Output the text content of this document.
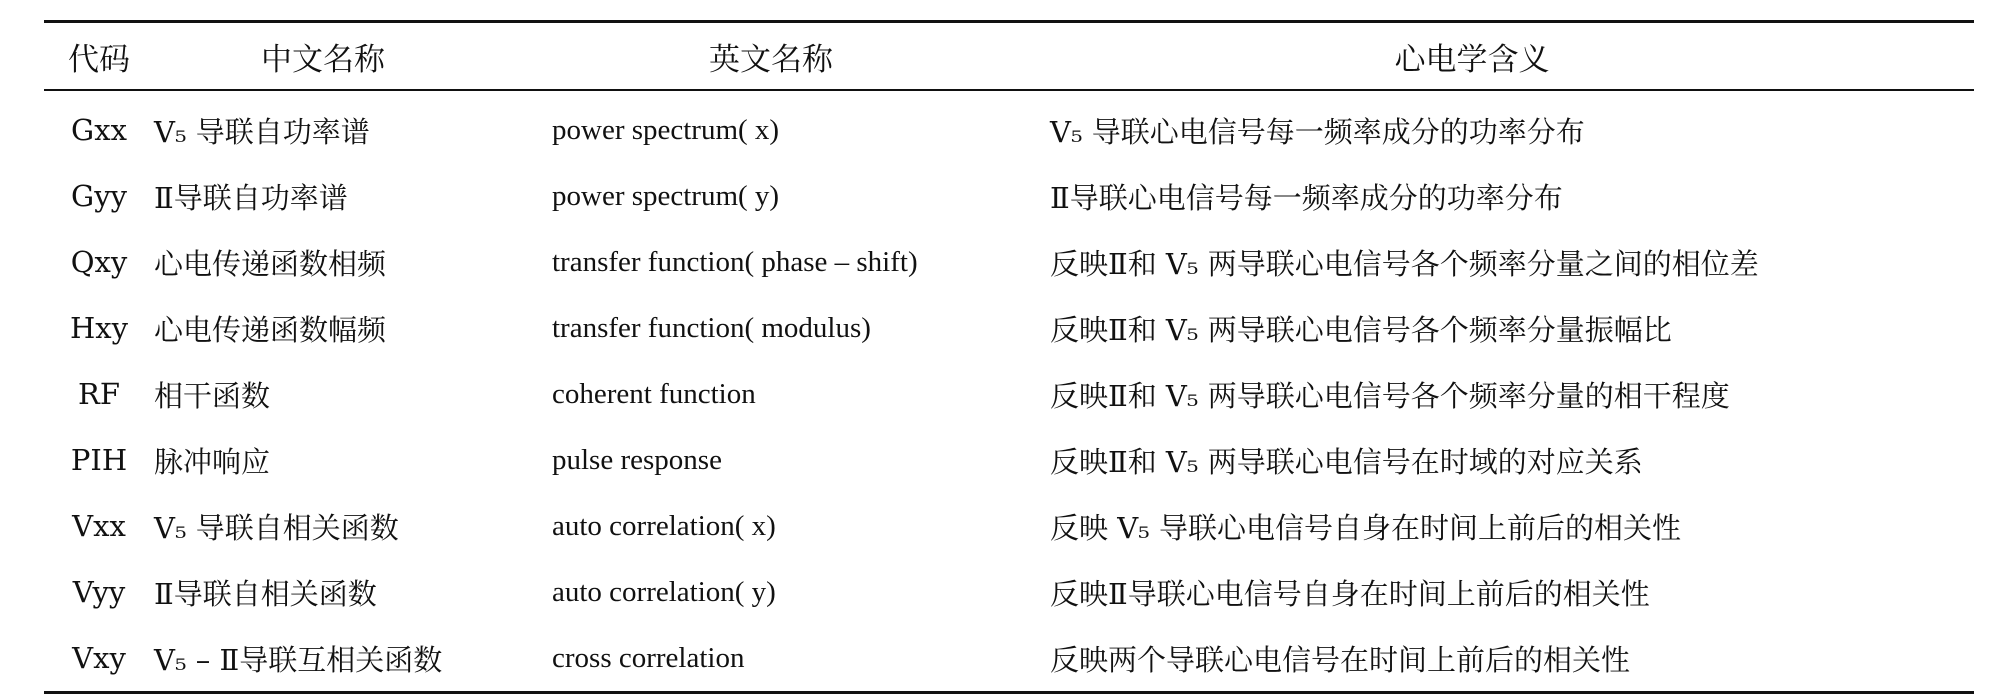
代码	中文名称	英文名称	心电学含义
Gxx	V₅ 导联自功率谱	power spectrum( x)	V₅ 导联心电信号每一频率成分的功率分布
Gyy	Ⅱ导联自功率谱	power spectrum( y)	Ⅱ导联心电信号每一频率成分的功率分布
Qxy	心电传递函数相频	transfer function( phase – shift)	反映Ⅱ和 V₅ 两导联心电信号各个频率分量之间的相位差
Hxy	心电传递函数幅频	transfer function( modulus)	反映Ⅱ和 V₅ 两导联心电信号各个频率分量振幅比
RF	相干函数	coherent function	反映Ⅱ和 V₅ 两导联心电信号各个频率分量的相干程度
PIH	脉冲响应	pulse response	反映Ⅱ和 V₅ 两导联心电信号在时域的对应关系
Vxx	V₅ 导联自相关函数	auto correlation( x)	反映 V₅ 导联心电信号自身在时间上前后的相关性
Vyy	Ⅱ导联自相关函数	auto correlation( y)	反映Ⅱ导联心电信号自身在时间上前后的相关性
Vxy	V₅ – Ⅱ导联互相关函数	cross correlation	反映两个导联心电信号在时间上前后的相关性
